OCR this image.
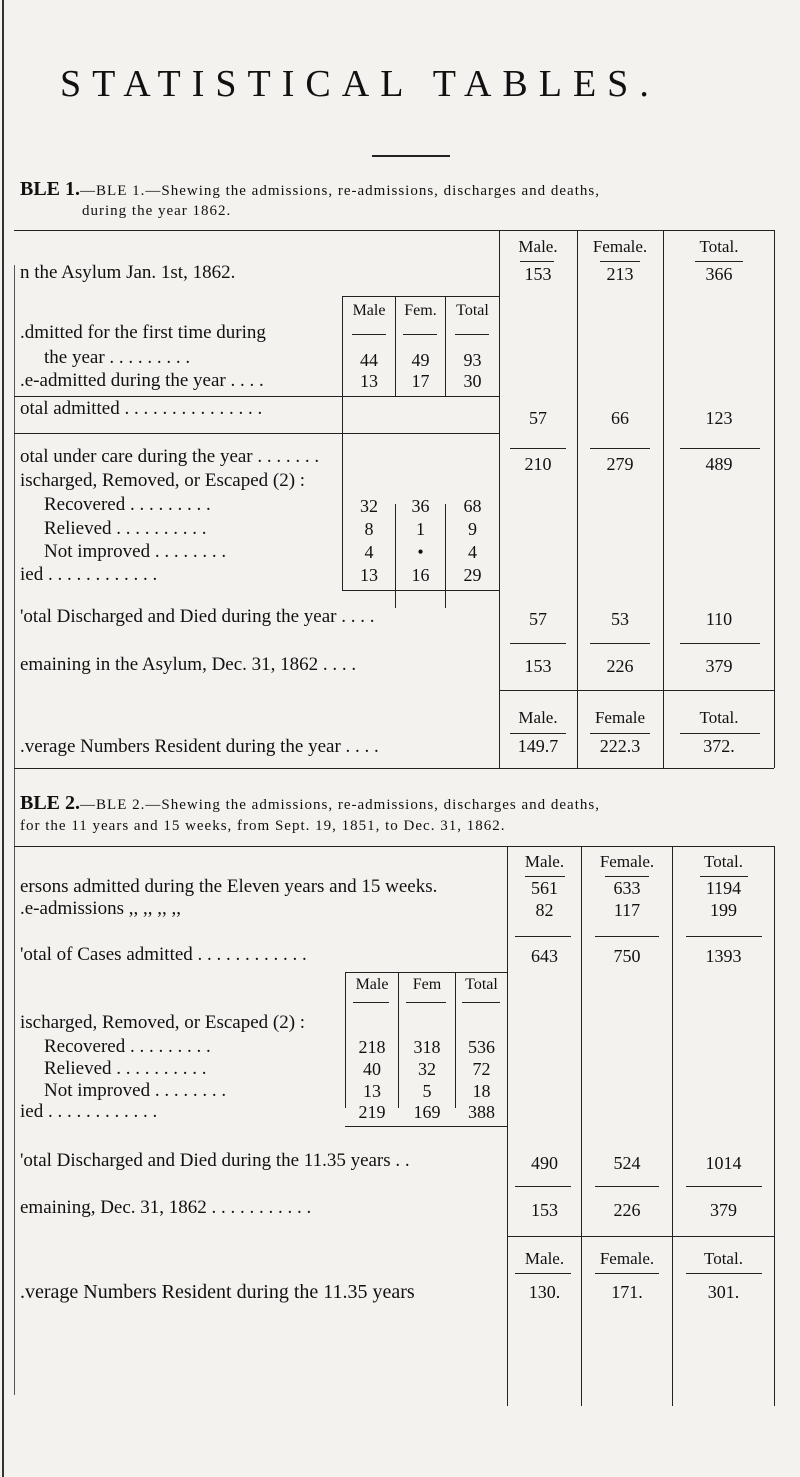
STATISTICAL TABLES.
BLE 1.—BLE 1.—Shewing the admissions, re-admissions, discharges and deaths,
during the year 1862.
Male.	Female.	Total.
n the Asylum Jan. 1st, 1862.	153	213	366
Male	Fem.	Total
.dmitted for the first time during
the year . . . . . . . . .	44	49	93
.e-admitted during the year . . . .	13	17	30
otal admitted . . . . . . . . . . . . . . .	57	66	123
otal under care during the year . . . . . . .	210	279	489
ischarged, Removed, or Escaped (2) :
Recovered . . . . . . . . .	32	36	68
Relieved . . . . . . . . . .	8	1	9
Not improved . . . . . . . .	4	•	4
ied . . . . . . . . . . . .	13	16	29
'otal Discharged and Died during the year . . . .	57	53	110
emaining in the Asylum, Dec. 31, 1862 . . . .	153	226	379
Male.	Female	Total.
.verage Numbers Resident during the year . . . .	149.7	222.3	372.
BLE 2.—BLE 2.—Shewing the admissions, re-admissions, discharges and deaths,
for the 11 years and 15 weeks, from Sept. 19, 1851, to Dec. 31, 1862.
Male.	Female.	Total.
ersons admitted during the Eleven years and 15 weeks.	561	633	1194
.e-admissions ,, ,, ,, ,,	82	117	199
'otal of Cases admitted . . . . . . . . . . . .	643	750	1393
Male	Fem	Total
ischarged, Removed, or Escaped (2) :
Recovered . . . . . . . . .	218	318	536
Relieved . . . . . . . . . .	40	32	72
Not improved . . . . . . . .	13	5	18
ied . . . . . . . . . . . .	219	169	388
'otal Discharged and Died during the 11.35 years . .	490	524	1014
emaining, Dec. 31, 1862 . . . . . . . . . . .	153	226	379
Male.	Female.	Total.
.verage Numbers Resident during the 11.35 years	130.	171.	301.
